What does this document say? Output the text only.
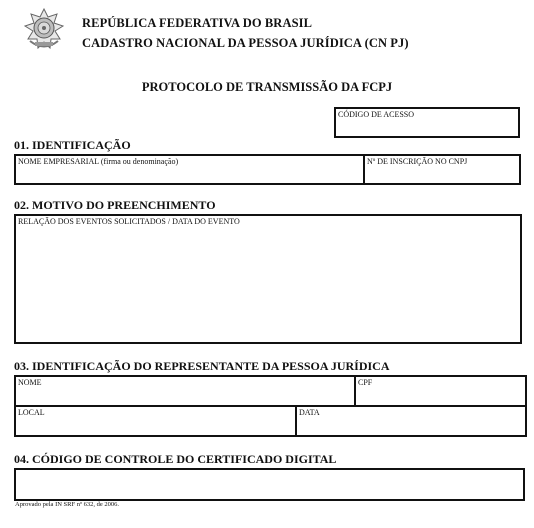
REPÚBLICA FEDERATIVA DO BRASIL
CADASTRO NACIONAL DA PESSOA JURÍDICA (CN PJ)
PROTOCOLO DE TRANSMISSÃO DA FCPJ
CÓDIGO DE ACESSO
01. IDENTIFICAÇÃO
NOME EMPRESARIAL (firma ou denominação)	Nº DE INSCRIÇÃO NO CNPJ
02. MOTIVO DO PREENCHIMENTO
RELAÇÃO DOS EVENTOS SOLICITADOS / DATA DO EVENTO
03. IDENTIFICAÇÃO DO REPRESENTANTE DA PESSOA JURÍDICA
NOME	CPF
LOCAL	DATA
04. CÓDIGO DE CONTROLE DO CERTIFICADO DIGITAL
Aprovado pela IN SRF nº 632, de 2006.
